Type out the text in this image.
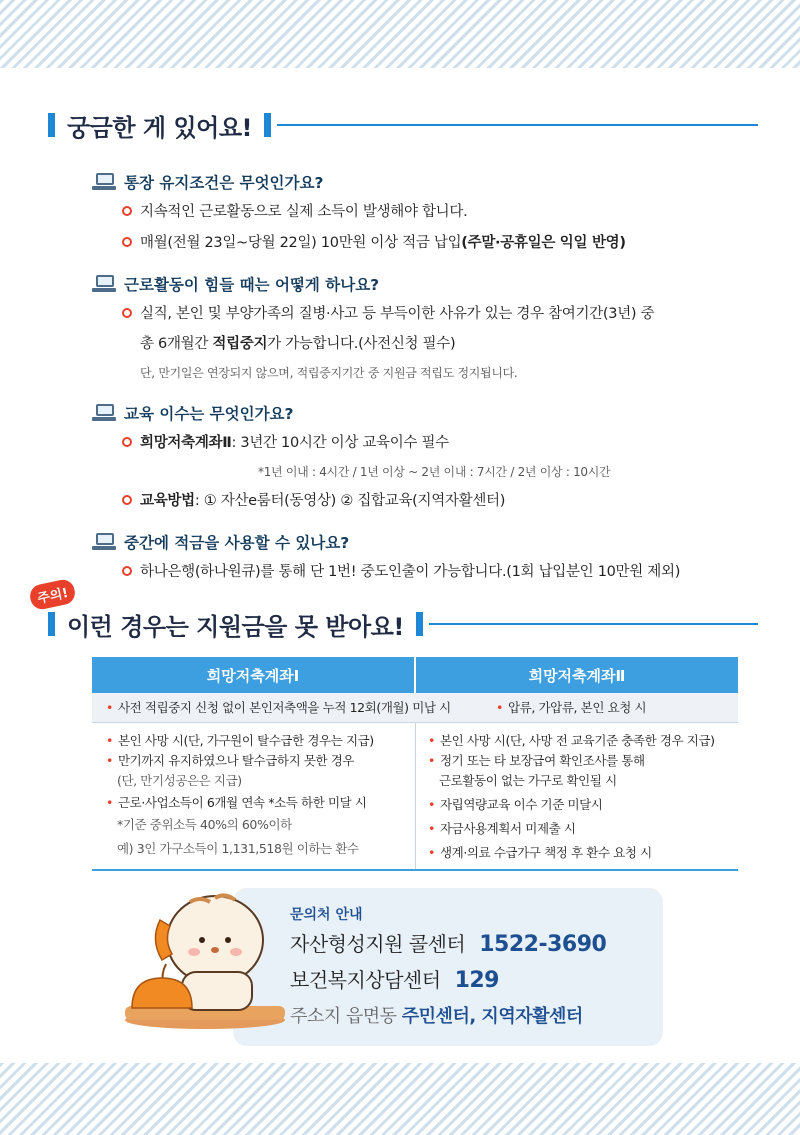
궁금한 게 있어요!
통장 유지조건은 무엇인가요?
지속적인 근로활동으로 실제 소득이 발생해야 합니다.
매월(전월 23일~당월 22일) 10만원 이상 적금 납입 (주말·공휴일은 익일 반영)
근로활동이 힘들 때는 어떻게 하나요?
실직, 본인 및 부양가족의 질병·사고 등 부득이한 사유가 있는 경우 참여기간(3년) 중
총 6개월간 적립중지가 가능합니다.(사전신청 필수)
단, 만기일은 연장되지 않으며, 적립중지기간 중 지원금 적립도 정지됩니다.
교육 이수는 무엇인가요?
희망저축계좌Ⅱ : 3년간 10시간 이상 교육이수 필수
*1년 이내 : 4시간 / 1년 이상 ~ 2년 이내 : 7시간 / 2년 이상 : 10시간
교육방법 : ① 자산e룸터(동영상) ② 집합교육(지역자활센터)
중간에 적금을 사용할 수 있나요?
하나은행(하나원큐)를 통해 단 1번! 중도인출이 가능합니다.(1회 납입분인 10만원 제외)
주의!
이런 경우는 지원금을 못 받아요!
희망저축계좌Ⅰ	희망저축계좌Ⅱ
• 사전 적립중지 신청 없이 본인저축액을 누적 12회(개월) 미납 시	• 압류, 가압류, 본인 요청 시
• 본인 사망 시(단, 가구원이 탈수급한 경우는 지급)
• 만기까지 유지하였으나 탈수급하지 못한 경우
(단, 만기성공은은 지급)
• 근로·사업소득이 6개월 연속 *소득 하한 미달 시
*기준 중위소득 40%의 60%이하
예) 3인 가구소득이 1,131,518원 이하는 환수
• 본인 사망 시(단, 사망 전 교육기준 충족한 경우 지급)
• 정기 또는 타 보장급여 확인조사를 통해
근로활동이 없는 가구로 확인될 시
• 자립역량교육 이수 기준 미달시
• 자금사용계획서 미제출 시
• 생계·의료 수급가구 책정 후 환수 요청 시
문의처 안내
자산형성지원 콜센터 1522-3690
보건복지상담센터 129
주소지 읍면동 주민센터, 지역자활센터
